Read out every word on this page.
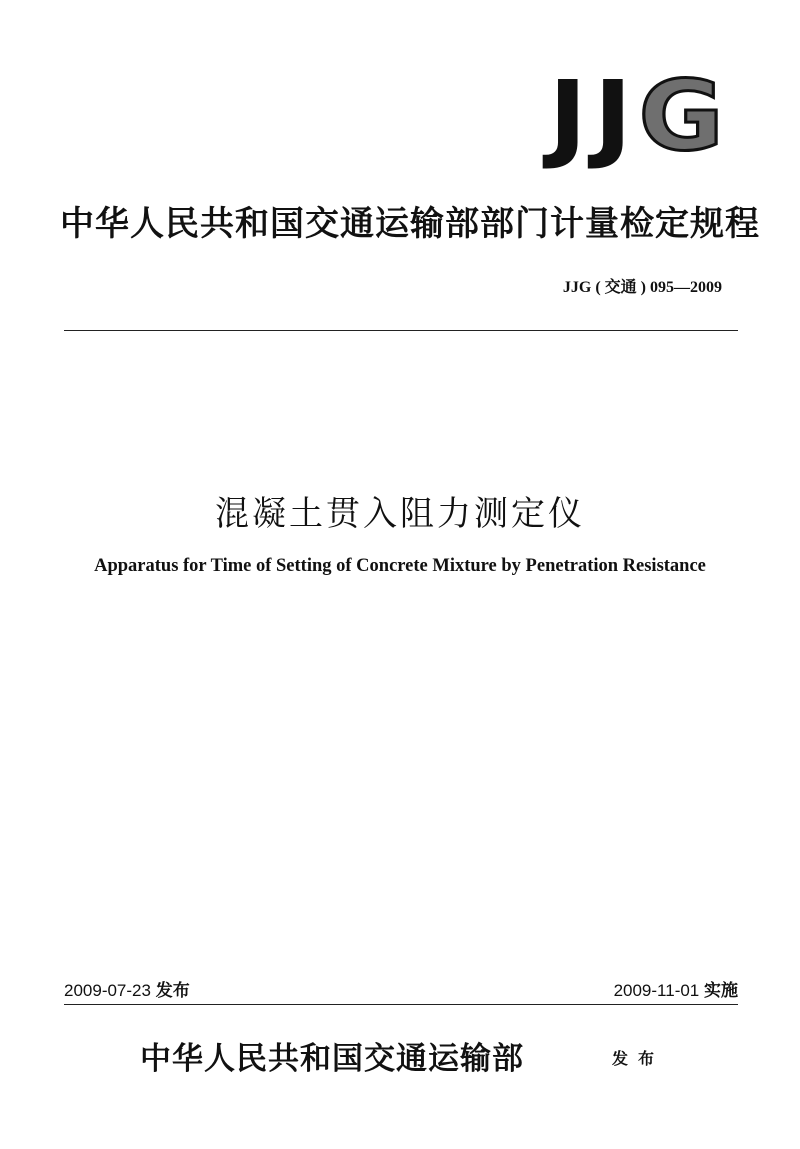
JJG
中华人民共和国交通运输部部门计量检定规程
JJG ( 交通 ) 095—2009
混凝土贯入阻力测定仪
Apparatus for Time of Setting of Concrete Mixture by Penetration Resistance
2009-07-23 发布	2009-11-01 实施
中华人民共和国交通运输部	发布
